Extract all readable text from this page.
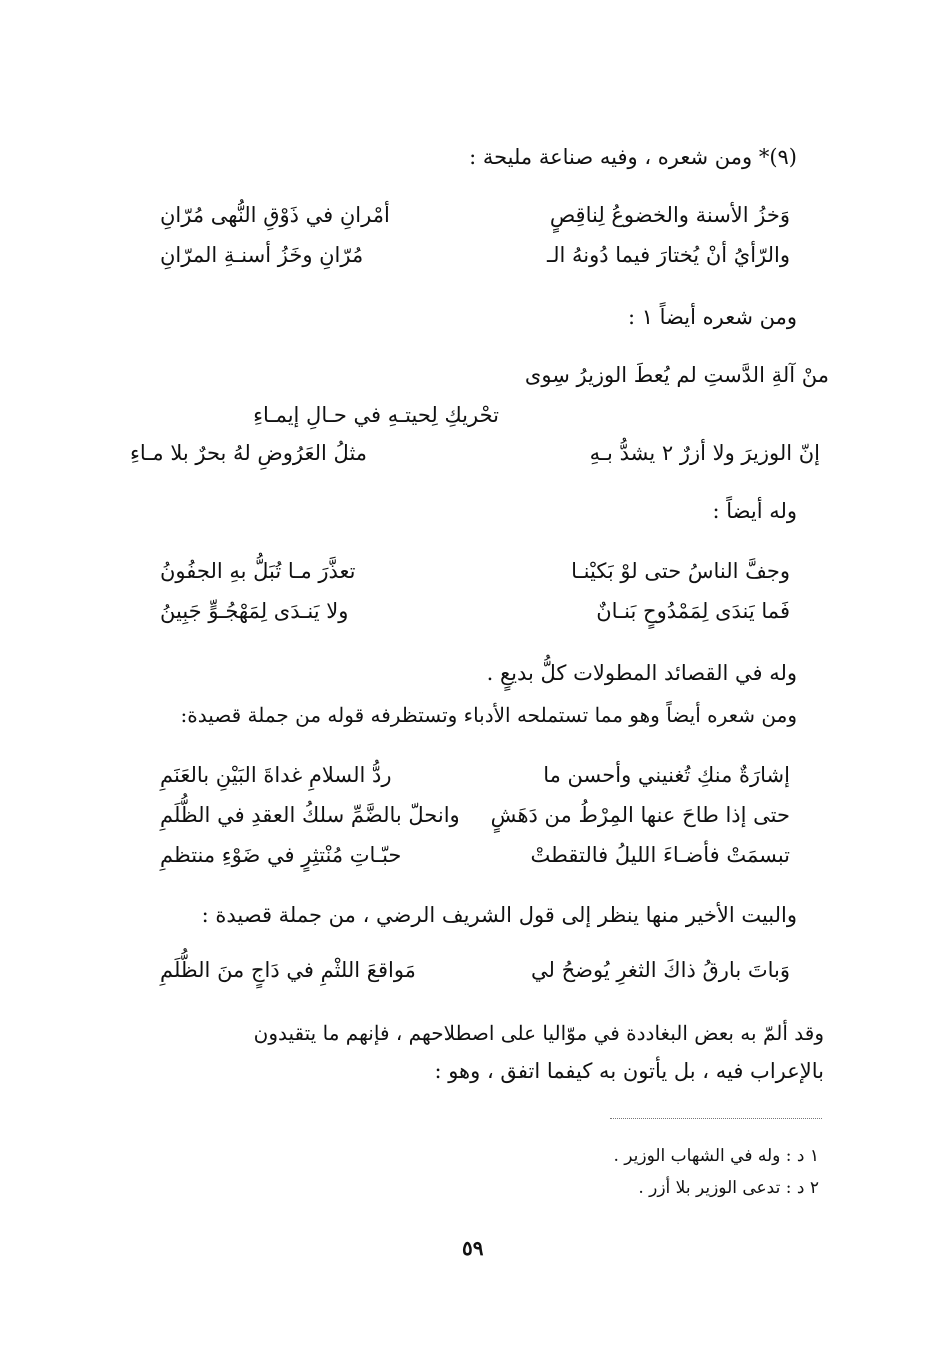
(٩)* ومن شعره ، وفيه صناعة مليحة :
وَخزُ الأسنة والخضوعُ لِناقِصٍ
أمْرانِ في ذَوْقِ النُّهى مُرّانِ
والرّأيُ أنْ يُختارَ فيما دُونهُ الـ
مُرّانِ وخَزُ أسنـةِ المرّانِ
ومن شعره أيضاً ١ :
منْ آلةِ الدَّستِ لم يُعطَ الوزيرُ سِوى
تحْريكِ لِحيتـهِ في حـالِ إيمـاءِ
إنّ الوزيرَ ولا أزرٌ ٢ يشدُّ بـهِ
مثلُ العَرُوضِ لهُ بحرٌ بلا مـاءِ
وله أيضاً :
وجفَّ الناسُ حتى لوْ بَكيْنـا
تعذَّرَ مـا تُبَلُّ بهِ الجفُونُ
فَما يَندَى لِمَمْدُوحٍ بَنـانٌ
ولا يَنـدَى لِمَهْجُـوٍّ جَبِينُ
وله في القصائد المطولات كلُّ بديعٍ .
ومن شعره أيضاً وهو مما تستملحه الأدباء وتستظرفه قوله من جملة قصيدة:
إشارَةٌ منكِ تُغنيني وأحسن ما
ردُّ السلامِ غداةَ البَيْنِ بالعَنَمِ
حتى إذا طاحَ عنها المِرْطُ من دَهَشٍ
وانحلّ بالضَّمِّ سلكُ العقدِ في الظُّلَمِ
تبسمَتْ فأضـاءَ الليلُ فالتقطتْ
حبّـاتِ مُنْتثِرٍ في ضَوْءِ منتظمِ
والبيت الأخير منها ينظر إلى قول الشريف الرضي ، من جملة قصيدة :
وَباتَ بارقُ ذاكَ الثغرِ يُوضحُ لي
مَواقعَ اللثْمِ في دَاجٍ منَ الظُّلَمِ
وقد ألمّ به بعض البغاددة في موّاليا على اصطلاحهم ، فإنهم ما يتقيدون
بالإعراب فيه ، بل يأتون به كيفما اتفق ، وهو :
١ د : وله في الشهاب الوزير .
٢ د : تدعى الوزير بلا أزر .
٥٩
